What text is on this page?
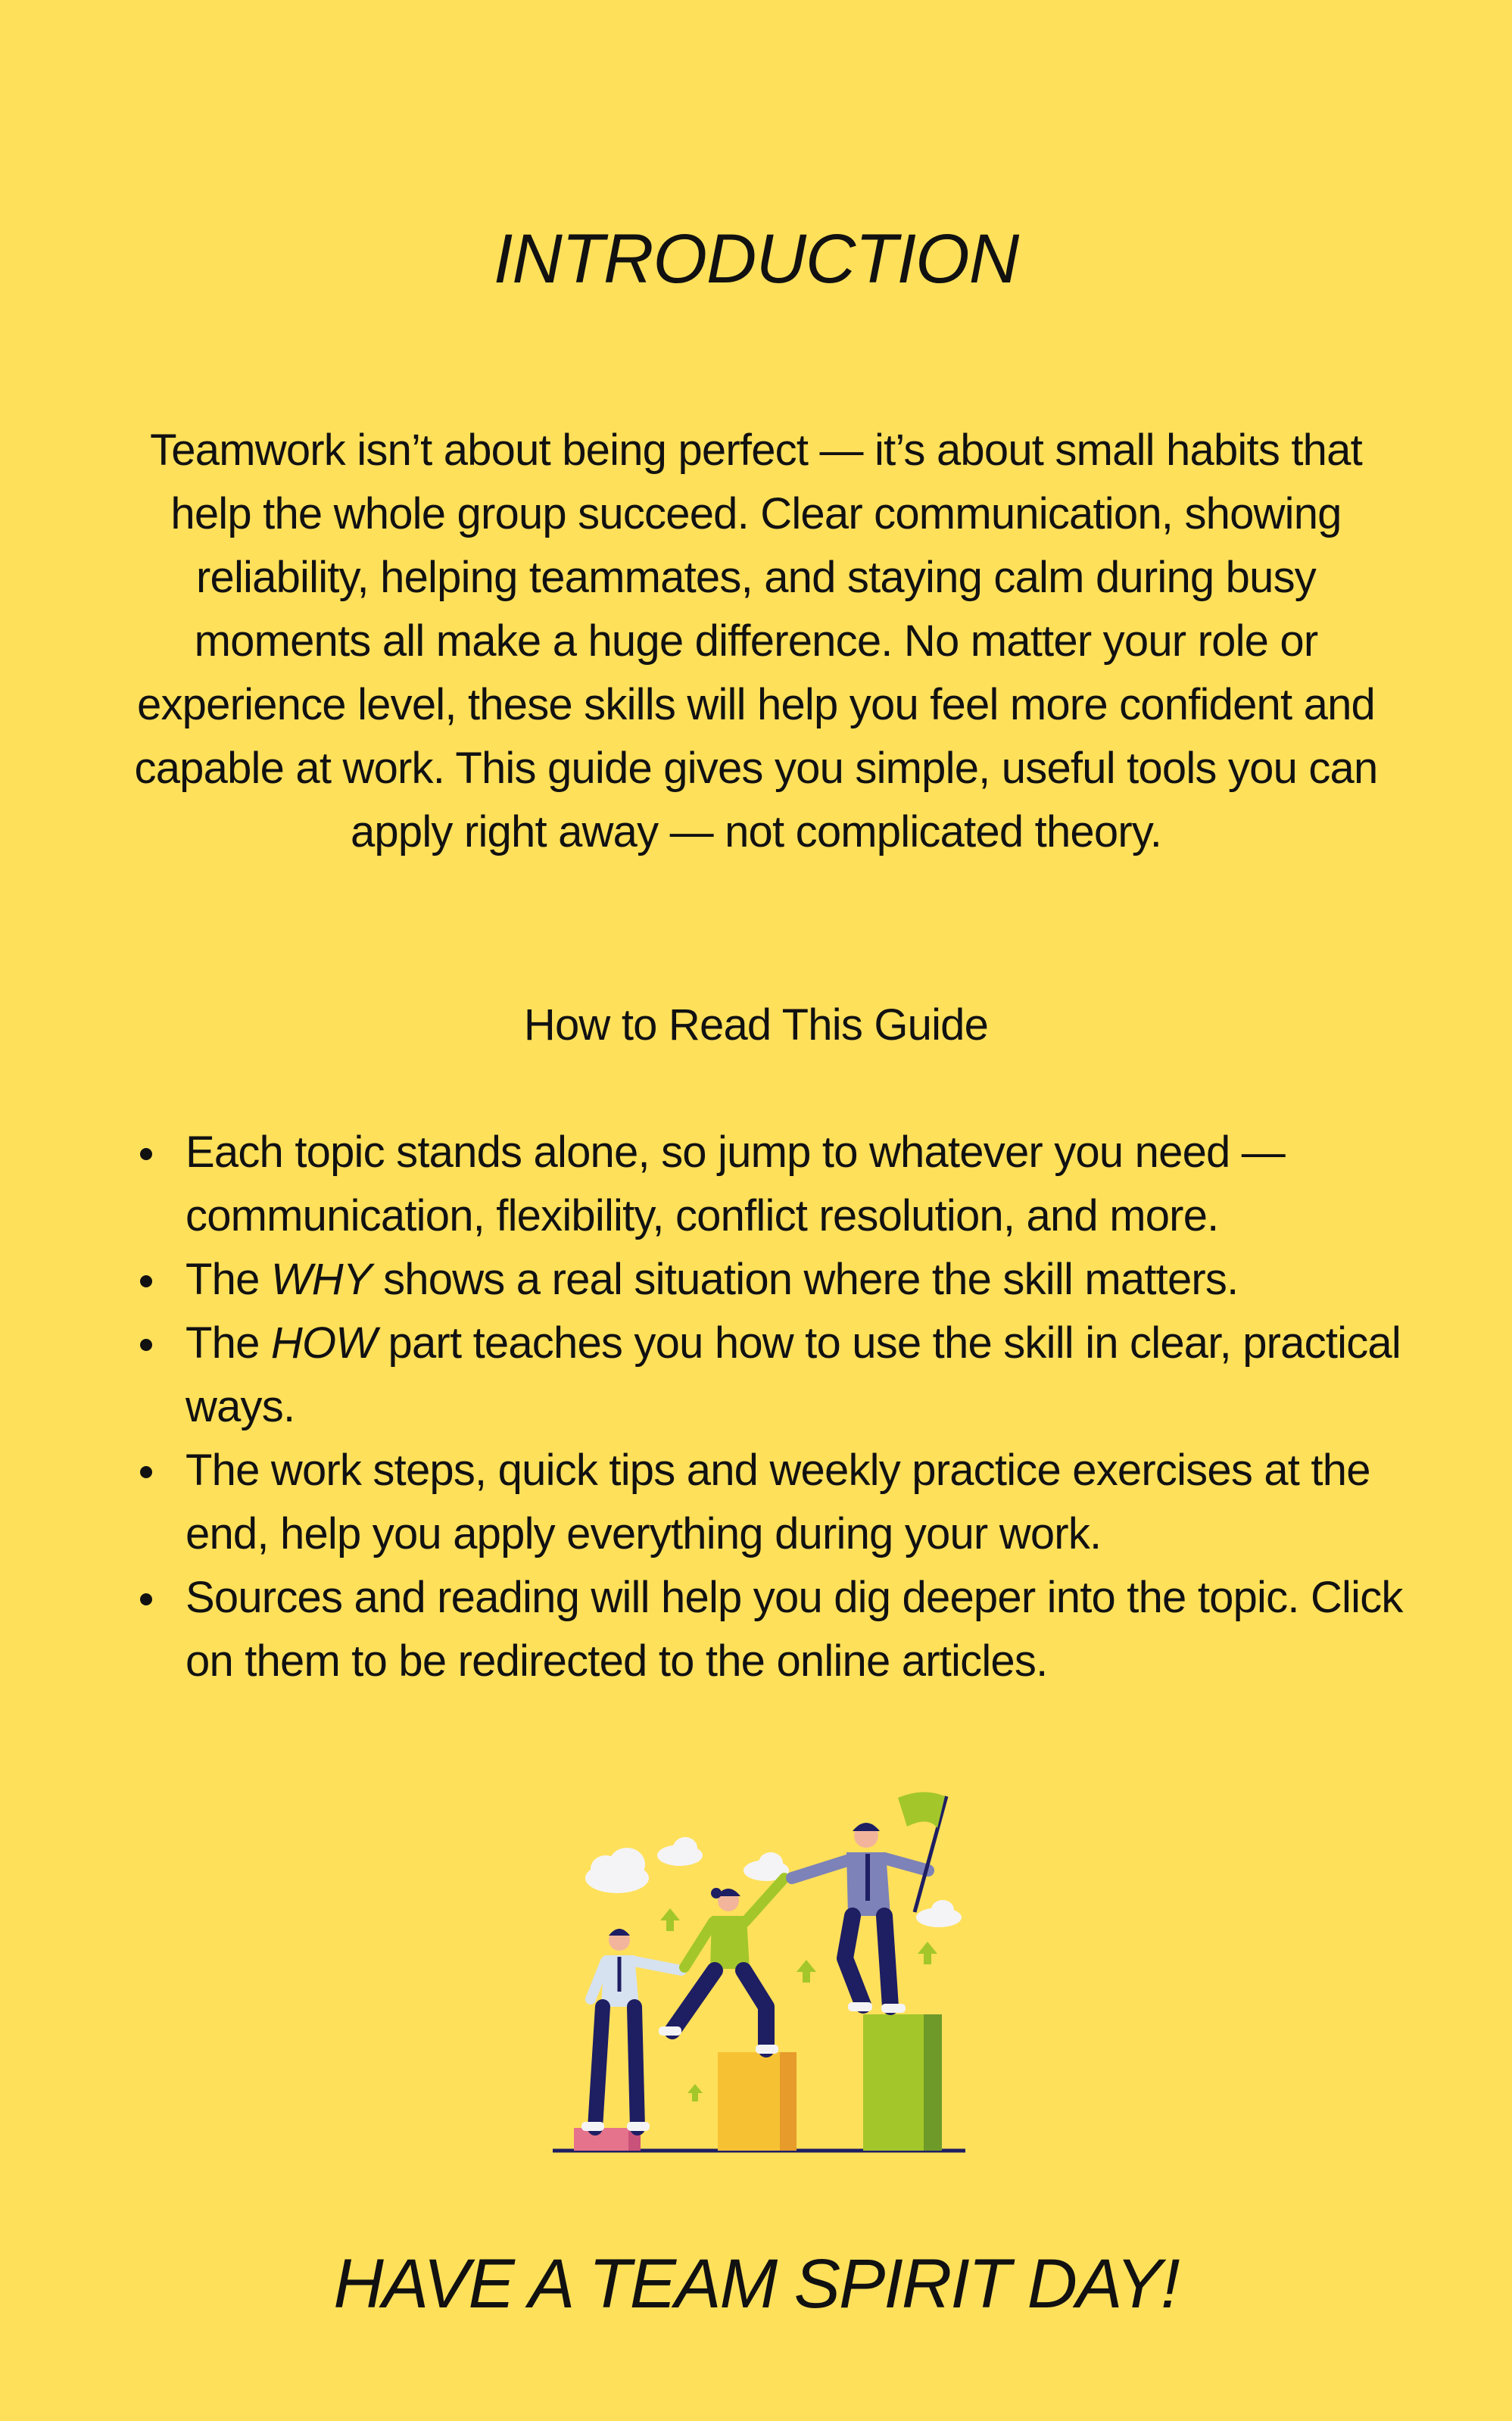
INTRODUCTION

Teamwork isn’t about being perfect — it’s about small habits that help the whole group succeed. Clear communication, showing reliability, helping teammates, and staying calm during busy moments all make a huge difference. No matter your role or experience level, these skills will help you feel more confident and capable at work. This guide gives you simple, useful tools you can apply right away — not complicated theory.

How to Read This Guide
Each topic stands alone, so jump to whatever you need — communication, flexibility, conflict resolution, and more.
The WHY shows a real situation where the skill matters.
The HOW part teaches you how to use the skill in clear, practical ways.
The work steps, quick tips and weekly practice exercises at the end, help you apply everything during your work.
Sources and reading will help you dig deeper into the topic. Click on them to be redirected to the online articles.
HAVE A TEAM SPIRIT DAY!
